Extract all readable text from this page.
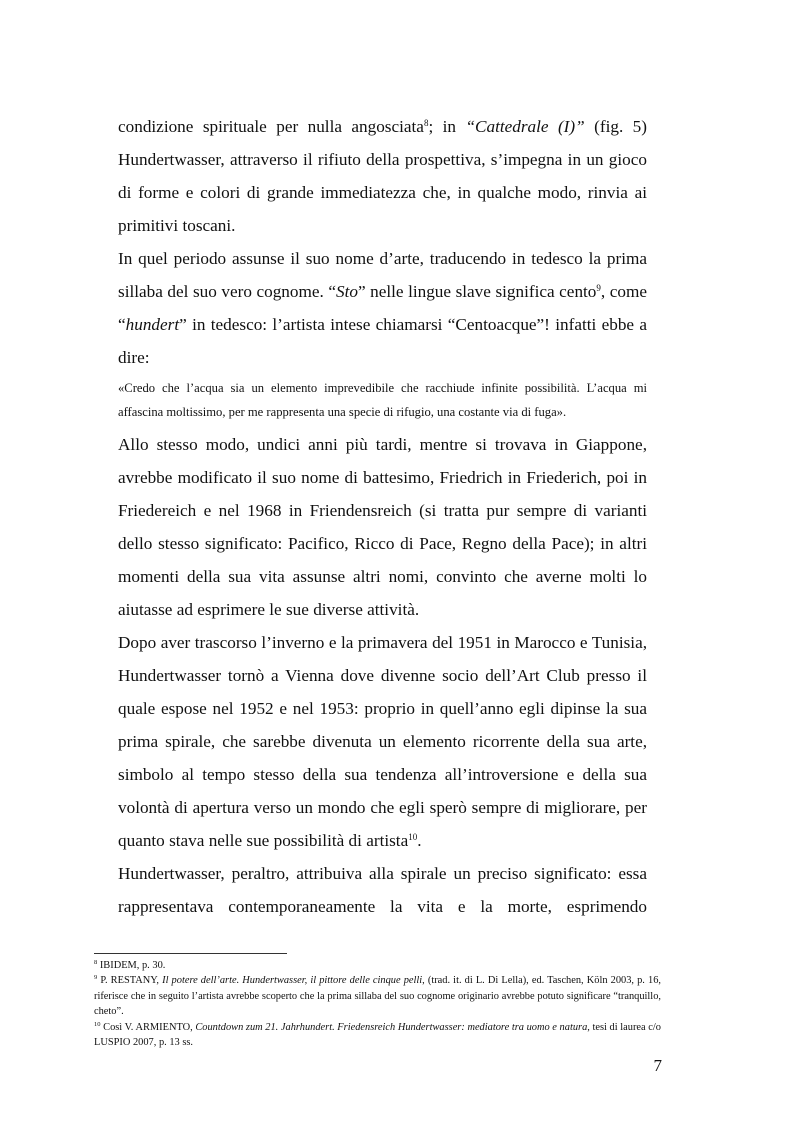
condizione spirituale per nulla angosciata$^8$; in “Cattedrale (I)” (fig. 5) Hundertwasser, attraverso il rifiuto della prospettiva, s’impegna in un gioco di forme e colori di grande immediatezza che, in qualche modo, rinvia ai primitivi toscani.

In quel periodo assunse il suo nome d’arte, traducendo in tedesco la prima sillaba del suo vero cognome. “Sto” nelle lingue slave significa cento$^9$, come “hundert” in tedesco: l’artista intese chiamarsi “Centoacque”! infatti ebbe a dire:

«Credo che l’acqua sia un elemento imprevedibile che racchiude infinite possibilità. L’acqua mi affascina moltissimo, per me rappresenta una specie di rifugio, una costante via di fuga».

Allo stesso modo, undici anni più tardi, mentre si trovava in Giappone, avrebbe modificato il suo nome di battesimo, Friedrich in Friederich, poi in Friedereich e nel 1968 in Friendensreich (si tratta pur sempre di varianti dello stesso significato: Pacifico, Ricco di Pace, Regno della Pace); in altri momenti della sua vita assunse altri nomi, convinto che averne molti lo aiutasse ad esprimere le sue diverse attività.

Dopo aver trascorso l’inverno e la primavera del 1951 in Marocco e Tunisia, Hundertwasser tornò a Vienna dove divenne socio dell’Art Club presso il quale espose nel 1952 e nel 1953: proprio in quell’anno egli dipinse la sua prima spirale, che sarebbe divenuta un elemento ricorrente della sua arte, simbolo al tempo stesso della sua tendenza all’introversione e della sua volontà di apertura verso un mondo che egli sperò sempre di migliorare, per quanto stava nelle sue possibilità di artista$^{10}$.

Hundertwasser, peraltro, attribuiva alla spirale un preciso significato: essa rappresentava contemporaneamente la vita e la morte, esprimendo

$^8$ IBIDEM, p. 30.

$^9$ P. RESTANY, Il potere dell’arte. Hundertwasser, il pittore delle cinque pelli, (trad. it. di L. Di Lella), ed. Taschen, Köln 2003, p. 16, riferisce che in seguito l’artista avrebbe scoperto che la prima sillaba del suo cognome originario avrebbe potuto significare “tranquillo, cheto”.

$^{10}$ Così V. ARMIENTO, Countdown zum 21. Jahrhundert. Friedensreich Hundertwasser: mediatore tra uomo e natura, tesi di laurea c/o LUSPIO 2007, p. 13 ss.

7
